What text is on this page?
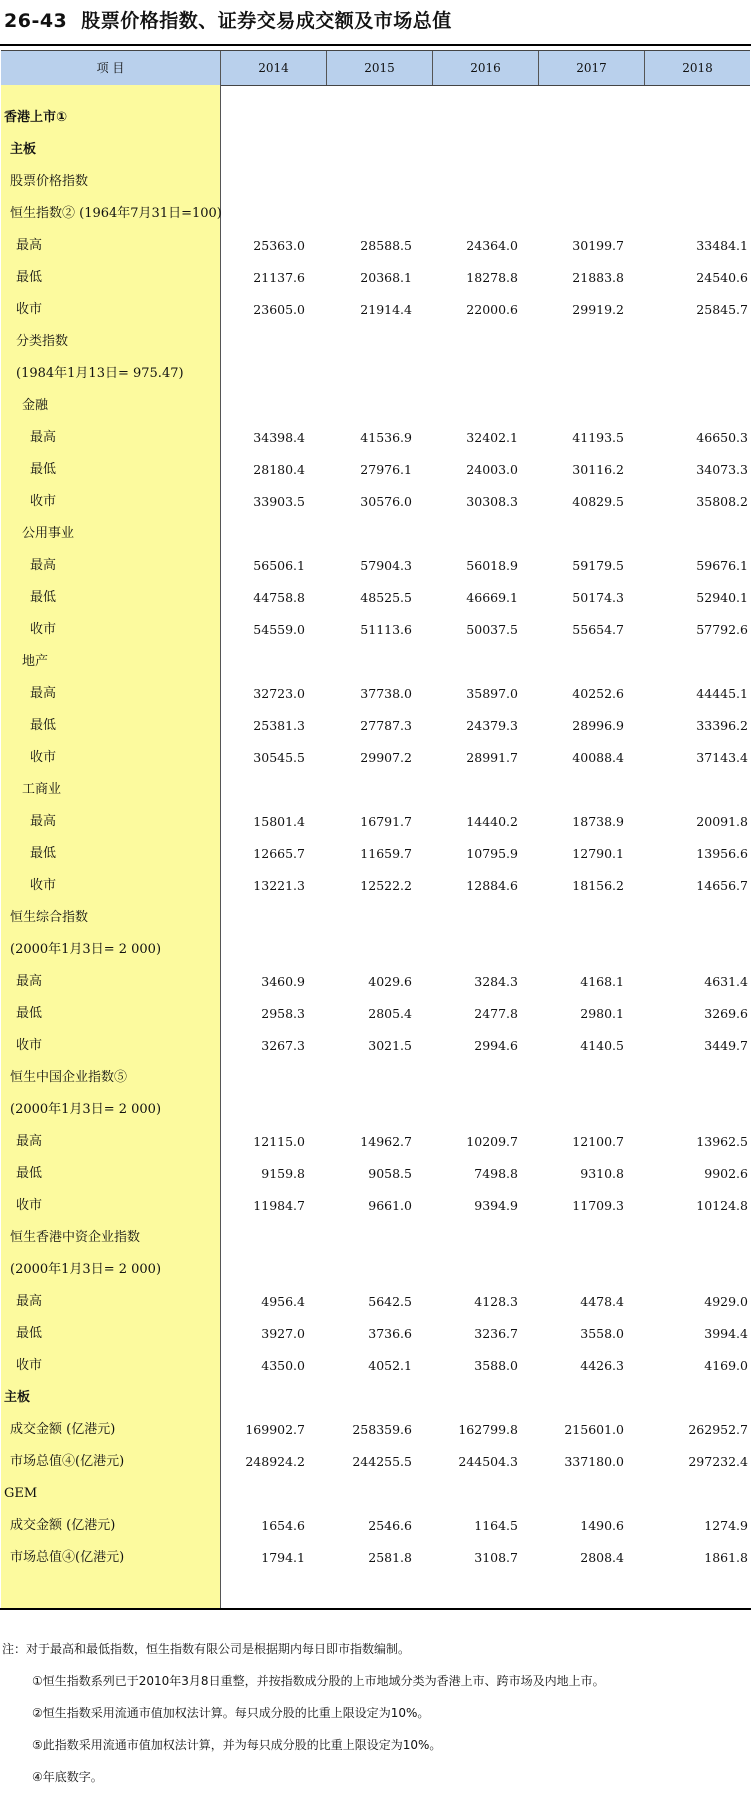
26-43 股票价格指数、证券交易成交额及市场总值
项 目	2014	2015	2016	2017	2018
香港上市①
主板
股票价格指数
恒生指数② (1964年7月31日=100)
最高	25363.0	28588.5	24364.0	30199.7	33484.1
最低	21137.6	20368.1	18278.8	21883.8	24540.6
收市	23605.0	21914.4	22000.6	29919.2	25845.7
分类指数
(1984年1月13日= 975.47)
金融
最高	34398.4	41536.9	32402.1	41193.5	46650.3
最低	28180.4	27976.1	24003.0	30116.2	34073.3
收市	33903.5	30576.0	30308.3	40829.5	35808.2
公用事业
最高	56506.1	57904.3	56018.9	59179.5	59676.1
最低	44758.8	48525.5	46669.1	50174.3	52940.1
收市	54559.0	51113.6	50037.5	55654.7	57792.6
地产
最高	32723.0	37738.0	35897.0	40252.6	44445.1
最低	25381.3	27787.3	24379.3	28996.9	33396.2
收市	30545.5	29907.2	28991.7	40088.4	37143.4
工商业
最高	15801.4	16791.7	14440.2	18738.9	20091.8
最低	12665.7	11659.7	10795.9	12790.1	13956.6
收市	13221.3	12522.2	12884.6	18156.2	14656.7
恒生综合指数
(2000年1月3日= 2 000)
最高	3460.9	4029.6	3284.3	4168.1	4631.4
最低	2958.3	2805.4	2477.8	2980.1	3269.6
收市	3267.3	3021.5	2994.6	4140.5	3449.7
恒生中国企业指数⑤
(2000年1月3日= 2 000)
最高	12115.0	14962.7	10209.7	12100.7	13962.5
最低	9159.8	9058.5	7498.8	9310.8	9902.6
收市	11984.7	9661.0	9394.9	11709.3	10124.8
恒生香港中资企业指数
(2000年1月3日= 2 000)
最高	4956.4	5642.5	4128.3	4478.4	4929.0
最低	3927.0	3736.6	3236.7	3558.0	3994.4
收市	4350.0	4052.1	3588.0	4426.3	4169.0
主板
成交金额 (亿港元)	169902.7	258359.6	162799.8	215601.0	262952.7
市场总值④(亿港元)	248924.2	244255.5	244504.3	337180.0	297232.4
GEM
成交金额 (亿港元)	1654.6	2546.6	1164.5	1490.6	1274.9
市场总值④(亿港元)	1794.1	2581.8	3108.7	2808.4	1861.8
注：对于最高和最低指数，恒生指数有限公司是根据期内每日即市指数编制。
①恒生指数系列已于2010年3月8日重整，并按指数成分股的上市地域分类为香港上市、跨市场及内地上市。
②恒生指数采用流通市值加权法计算。每只成分股的比重上限设定为10%。
⑤此指数采用流通市值加权法计算，并为每只成分股的比重上限设定为10%。
④年底数字。
